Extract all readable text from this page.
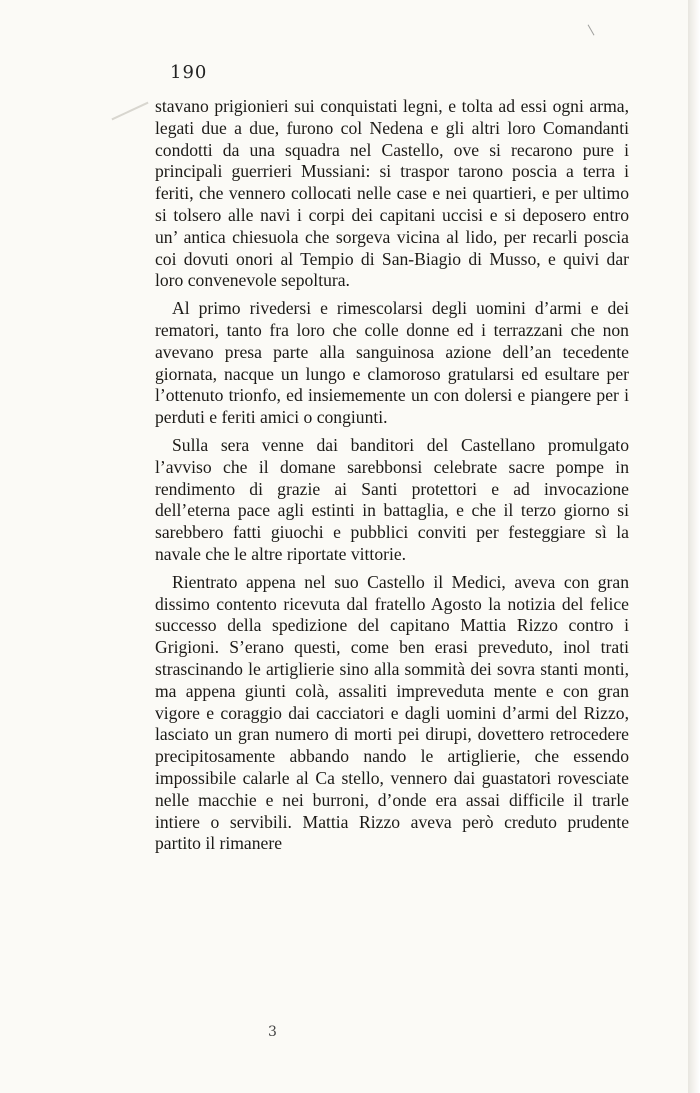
190

stavano prigionieri sui conquistati legni, e tolta ad essi ogni arma, legati due a due, furono col Nedena e gli altri loro Comandanti condotti da una squadra nel Castello, ove si recarono pure i principali guerrieri Mussiani: si traspor tarono poscia a terra i feriti, che vennero collocati nelle case e nei quartieri, e per ultimo si tolsero alle navi i corpi dei capitani uccisi e si deposero entro un’ antica chiesuola che sorgeva vicina al lido, per recarli poscia coi dovuti onori al Tempio di San-Biagio di Musso, e quivi dar loro convenevole sepoltura.

Al primo rivedersi e rimescolarsi degli uomini d’armi e dei rematori, tanto fra loro che colle donne ed i terrazzani che non avevano presa parte alla sanguinosa azione dell’an tecedente giornata, nacque un lungo e clamoroso gratularsi ed esultare per l’ottenuto trionfo, ed insiememente un con dolersi e piangere per i perduti e feriti amici o congiunti.

Sulla sera venne dai banditori del Castellano promulgato l’avviso che il domane sarebbonsi celebrate sacre pompe in rendimento di grazie ai Santi protettori e ad invocazione dell’eterna pace agli estinti in battaglia, e che il terzo giorno si sarebbero fatti giuochi e pubblici conviti per festeggiare sì la navale che le altre riportate vittorie.

Rientrato appena nel suo Castello il Medici, aveva con gran dissimo contento ricevuta dal fratello Agosto la notizia del felice successo della spedizione del capitano Mattia Rizzo contro i Grigioni. S’erano questi, come ben erasi preveduto, inol trati strascinando le artiglierie sino alla sommità dei sovra stanti monti, ma appena giunti colà, assaliti impreveduta mente e con gran vigore e coraggio dai cacciatori e dagli uomini d’armi del Rizzo, lasciato un gran numero di morti pei dirupi, dovettero retrocedere precipitosamente abbando nando le artiglierie, che essendo impossibile calarle al Ca stello, vennero dai guastatori rovesciate nelle macchie e nei burroni, d’onde era assai difficile il trarle intiere o servibili. Mattia Rizzo aveva però creduto prudente partito il rimanere

3
